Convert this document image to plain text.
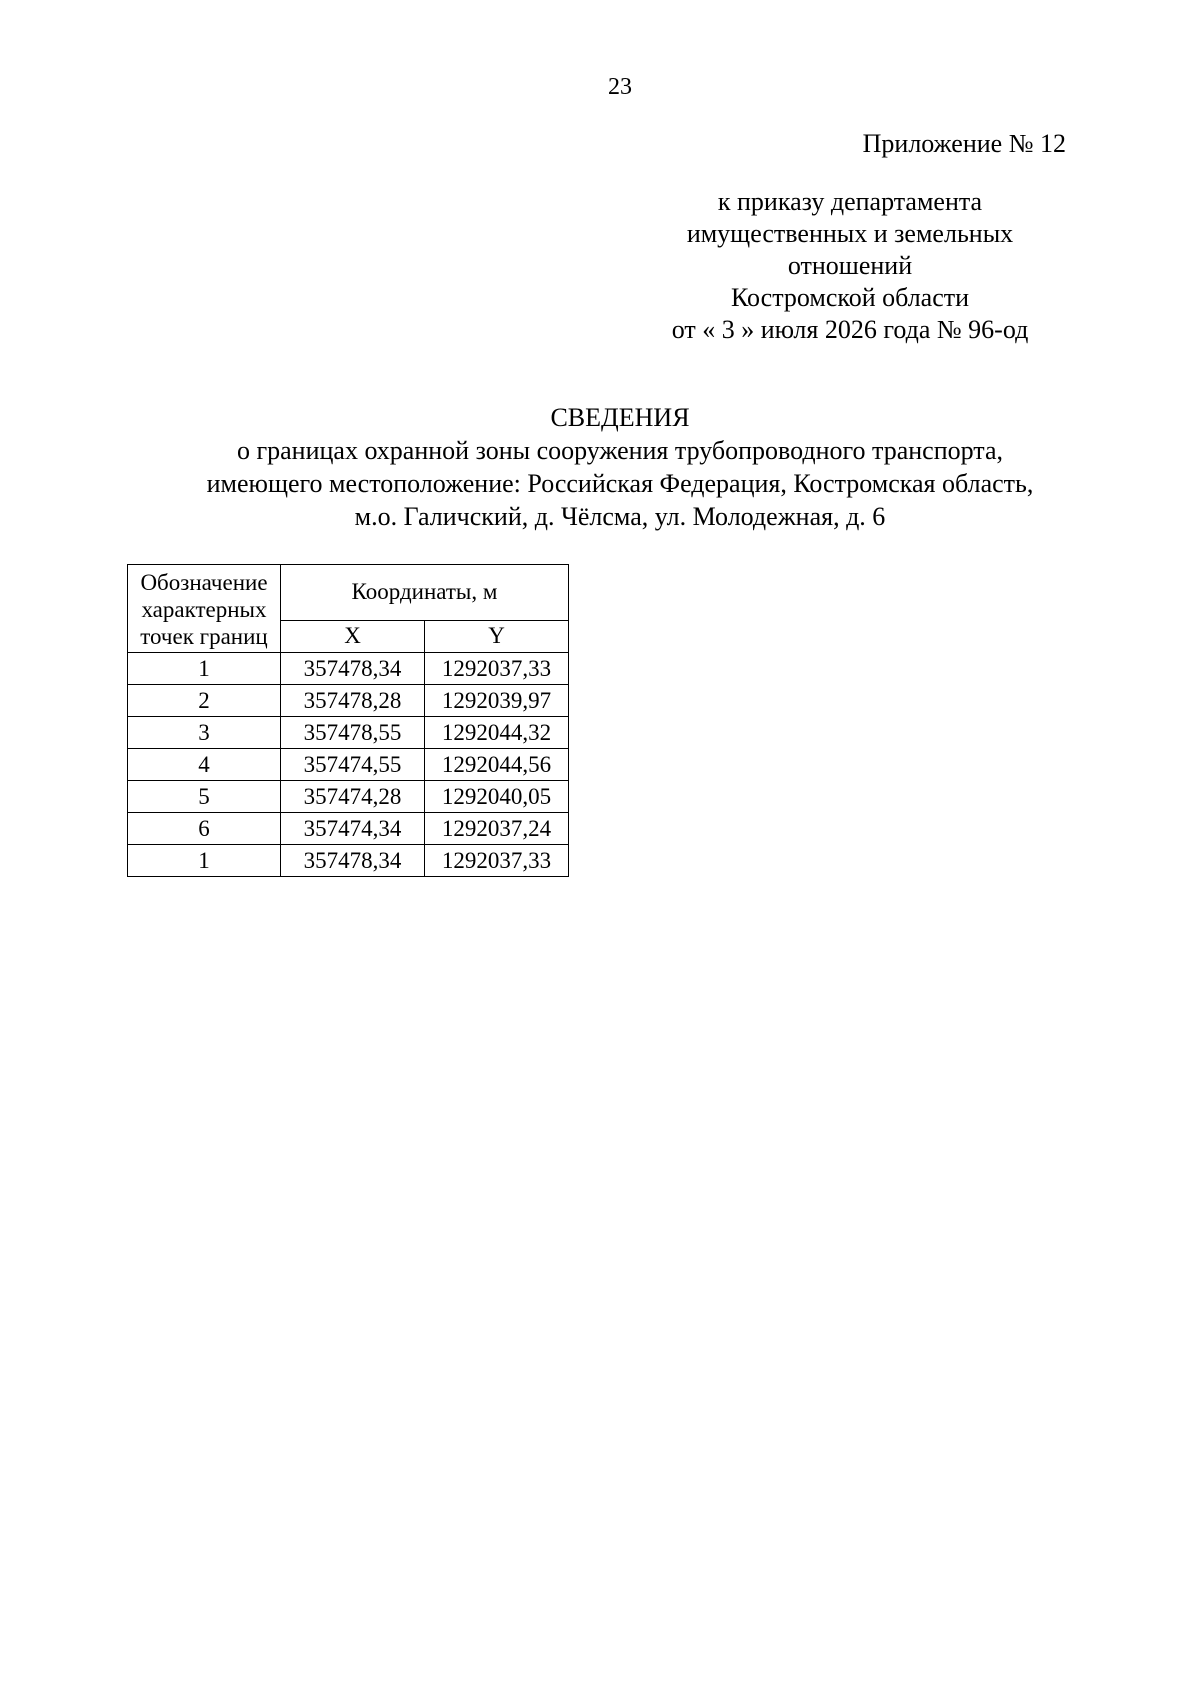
23
Приложение № 12
к приказу департамента
имущественных и земельных
отношений
Костромской области
от « 3 » июля 2026 года № 96-од
СВЕДЕНИЯ
о границах охранной зоны сооружения трубопроводного транспорта,
имеющего местоположение: Российская Федерация, Костромская область,
м.о. Галичский, д. Чёлсма, ул. Молодежная, д. 6
Обозначение
характерных
точек границ	Координаты, м	
	X	Y
1	357478,34	1292037,33
2	357478,28	1292039,97
3	357478,55	1292044,32
4	357474,55	1292044,56
5	357474,28	1292040,05
6	357474,34	1292037,24
1	357478,34	1292037,33
